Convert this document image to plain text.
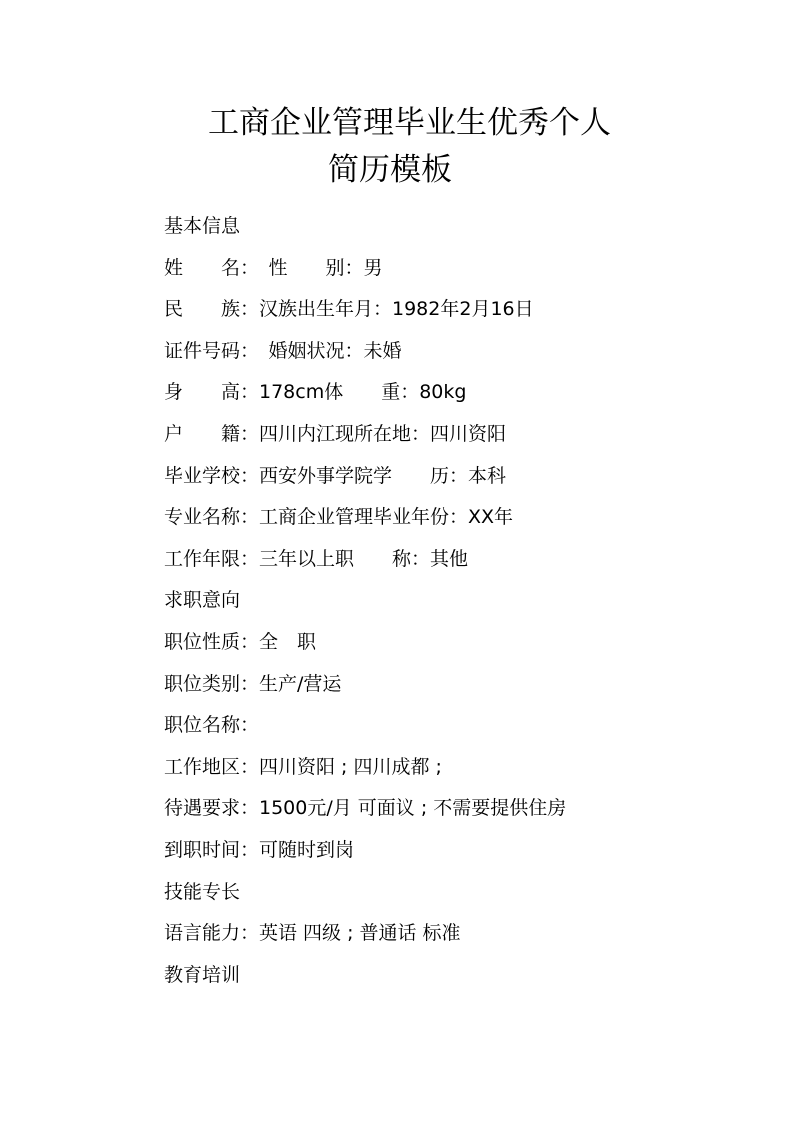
工商企业管理毕业生优秀个人
简历模板
基本信息
姓　　名：　性　　别：男
民　　族：汉族出生年月：1982年2月16日
证件号码：　婚姻状况：未婚
身　　高：178cm体　　重：80kg
户　　籍：四川内江现所在地：四川资阳
毕业学校：西安外事学院学　　历：本科
专业名称：工商企业管理毕业年份：XX年
工作年限：三年以上职　　称：其他
求职意向
职位性质：全　职
职位类别：生产/营运
职位名称：
工作地区：四川资阳 ; 四川成都 ;
待遇要求：1500元/月 可面议 ; 不需要提供住房
到职时间：可随时到岗
技能专长
语言能力：英语 四级 ; 普通话 标准
教育培训
